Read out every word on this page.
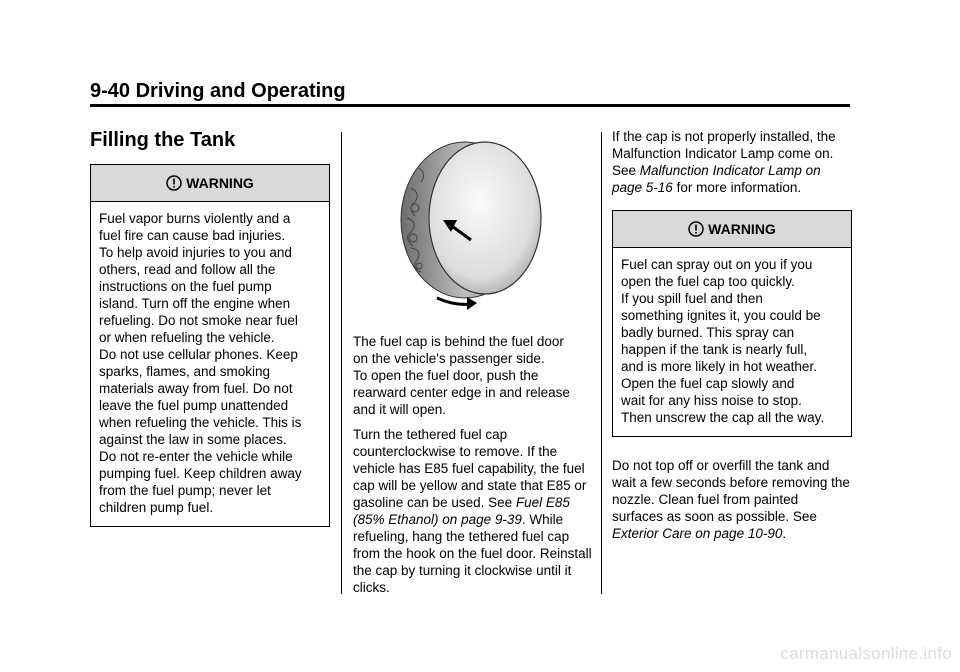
9-40 Driving and Operating
Filling the Tank
WARNING

Fuel vapor burns violently and a

fuel fire can cause bad injuries.

To help avoid injuries to you and

others, read and follow all the

instructions on the fuel pump

island. Turn off the engine when

refueling. Do not smoke near fuel

or when refueling the vehicle.

Do not use cellular phones. Keep

sparks, flames, and smoking

materials away from fuel. Do not

leave the fuel pump unattended

when refueling the vehicle. This is

against the law in some places.

Do not re-enter the vehicle while

pumping fuel. Keep children away

from the fuel pump; never let

children pump fuel.

The fuel cap is behind the fuel door

on the vehicle's passenger side.

To open the fuel door, push the

rearward center edge in and release

and it will open.

Turn the tethered fuel cap counterclockwise to remove. If the vehicle has E85 fuel capability, the fuel cap will be yellow and state that E85 or gasoline can be used. See Fuel E85 (85% Ethanol) on page 9-39. While refueling, hang the tethered fuel cap from the hook on the fuel door. Reinstall the cap by turning it clockwise until it clicks.

If the cap is not properly installed, the Malfunction Indicator Lamp come on. See Malfunction Indicator Lamp on page 5-16 for more information.

WARNING

Fuel can spray out on you if you

open the fuel cap too quickly.

If you spill fuel and then

something ignites it, you could be

badly burned. This spray can

happen if the tank is nearly full,

and is more likely in hot weather.

Open the fuel cap slowly and

wait for any hiss noise to stop.

Then unscrew the cap all the way.

Do not top off or overfill the tank and wait a few seconds before removing the nozzle. Clean fuel from painted surfaces as soon as possible. See Exterior Care on page 10-90.

carmanualsonline.info
